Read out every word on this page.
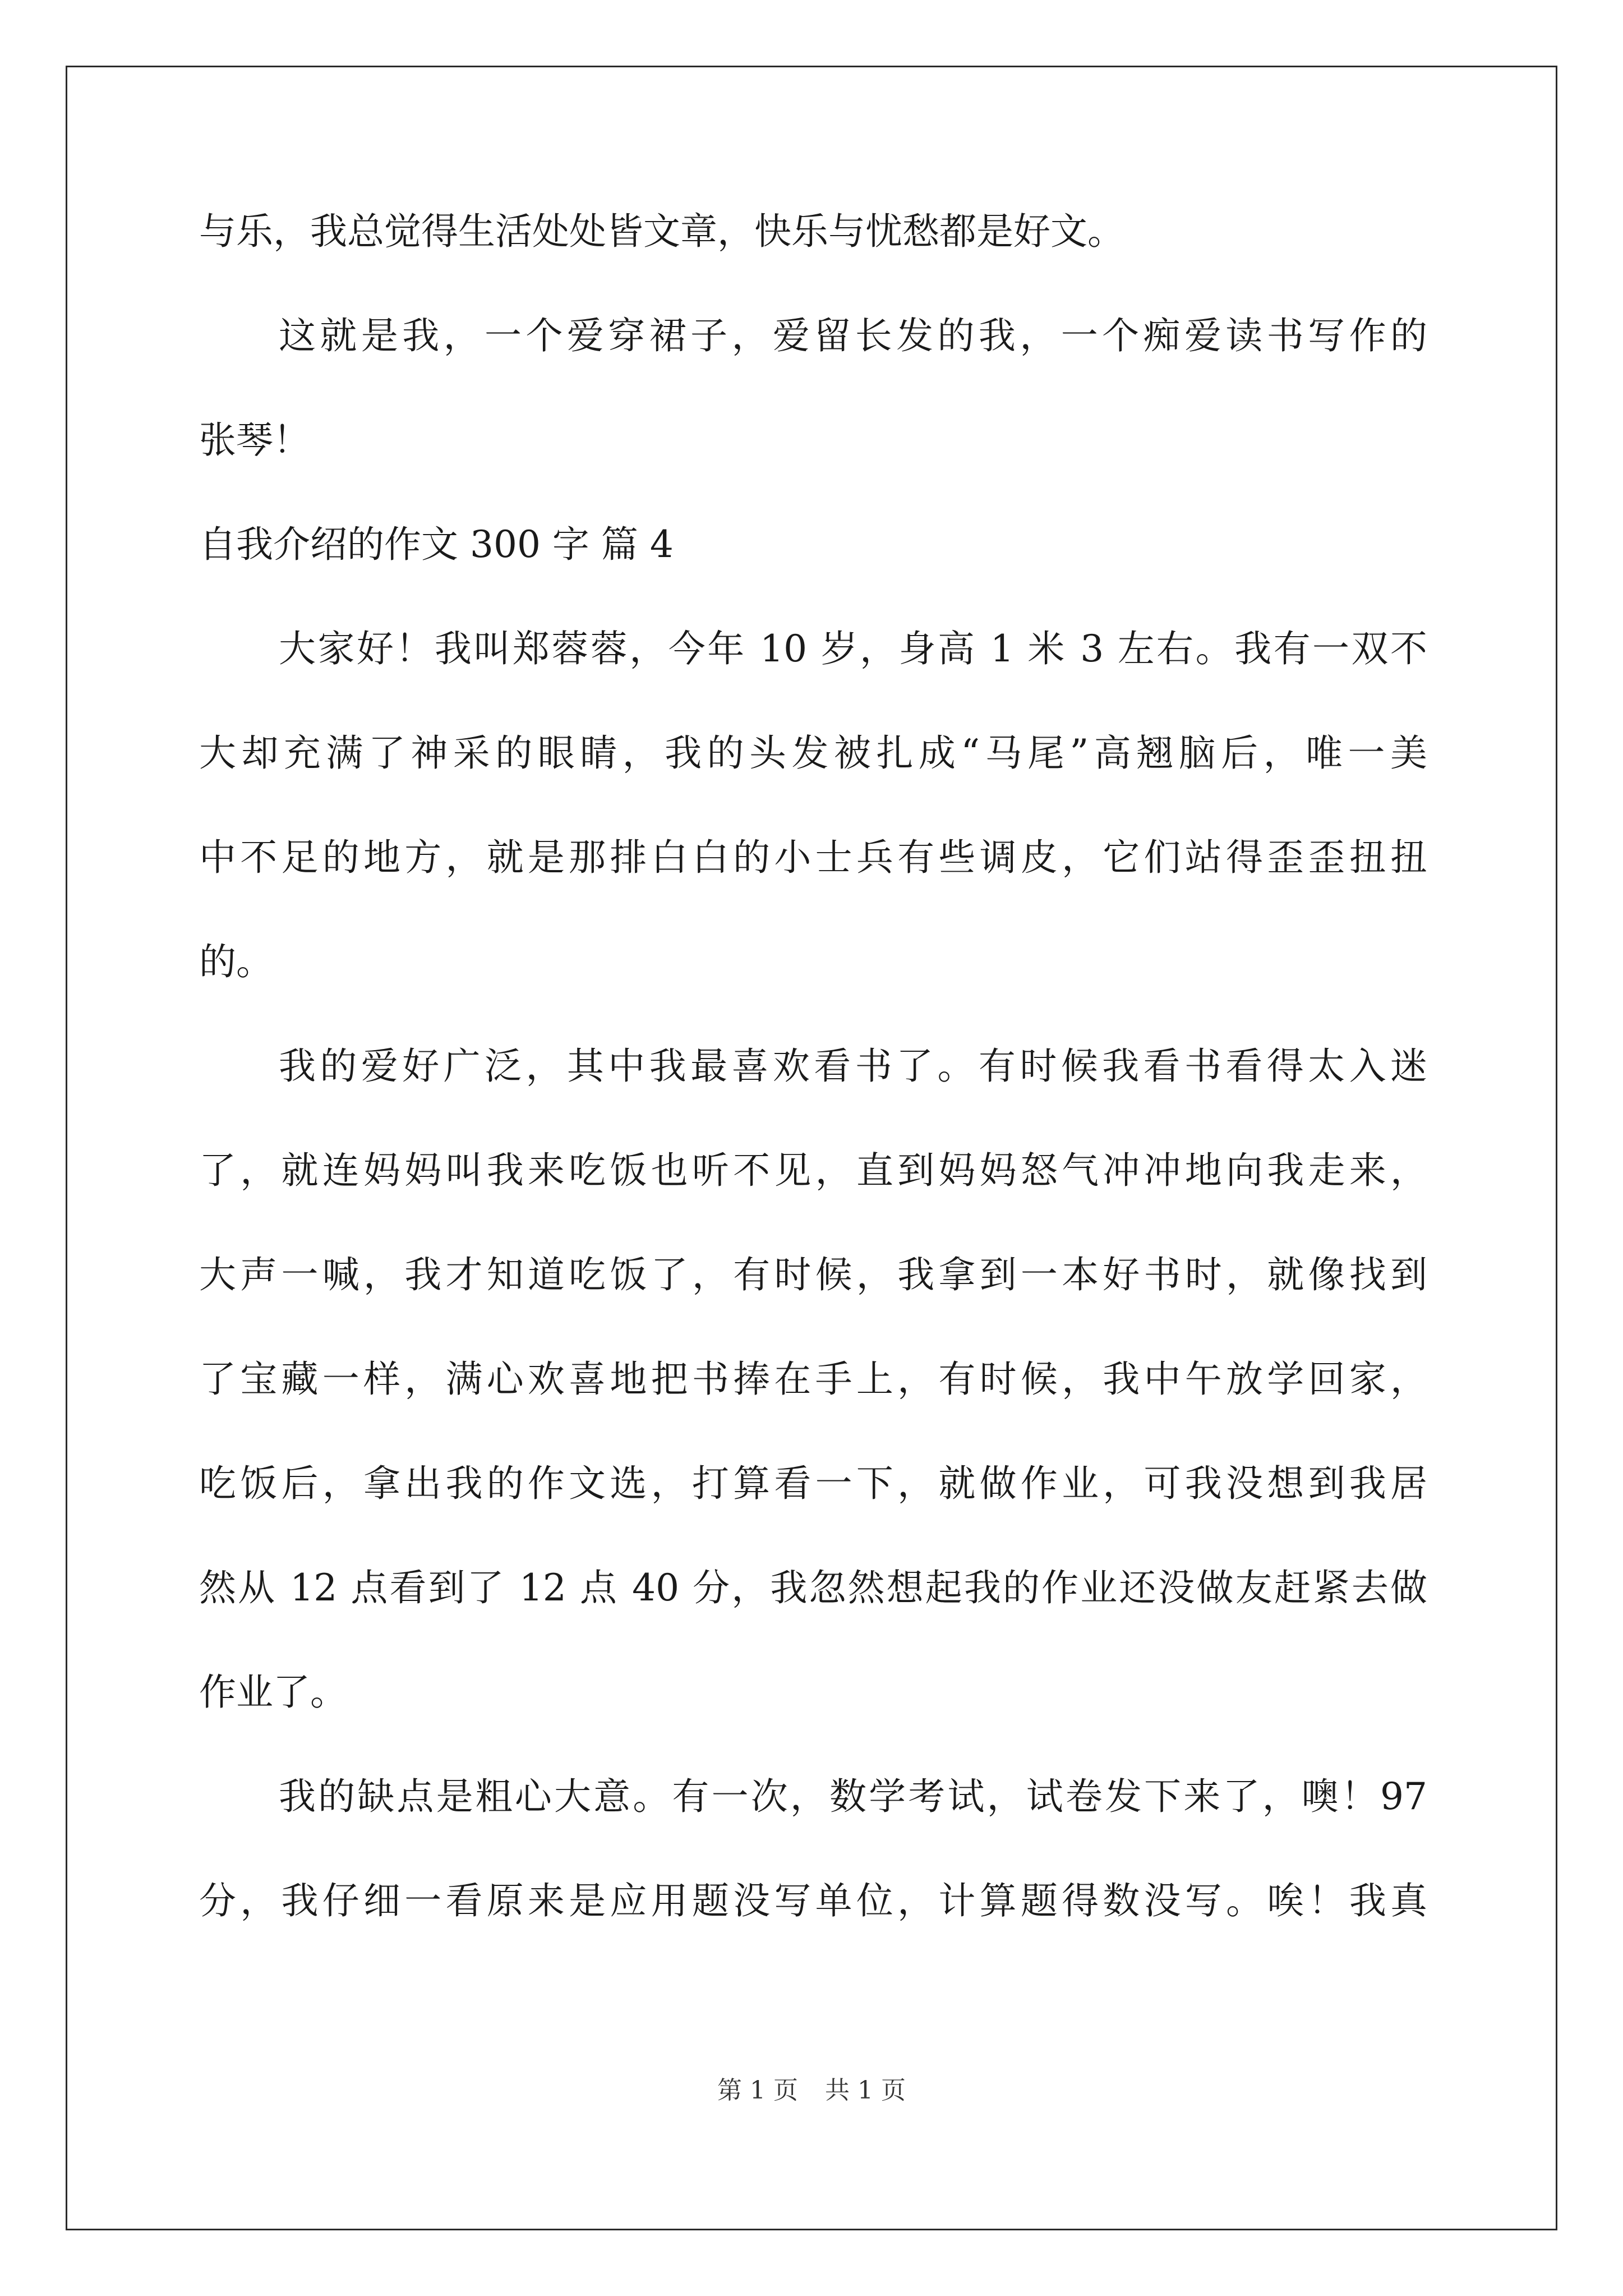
与乐，我总觉得生活处处皆文章，快乐与忧愁都是好文。
这就是我，一个爱穿裙子，爱留长发的我，一个痴爱读书写作的
张琴！
自我介绍的作文 300 字 篇 4
大家好！我叫郑蓉蓉，今年 10 岁，身高 1 米 3 左右。我有一双不
大却充满了神采的眼睛，我的头发被扎成“马尾”高翘脑后，唯一美
中不足的地方，就是那排白白的小士兵有些调皮，它们站得歪歪扭扭
的。
我的爱好广泛，其中我最喜欢看书了。有时候我看书看得太入迷
了，就连妈妈叫我来吃饭也听不见，直到妈妈怒气冲冲地向我走来，
大声一喊，我才知道吃饭了，有时候，我拿到一本好书时，就像找到
了宝藏一样，满心欢喜地把书捧在手上，有时候，我中午放学回家，
吃饭后，拿出我的作文选，打算看一下，就做作业，可我没想到我居
然从 12 点看到了 12 点 40 分，我忽然想起我的作业还没做友赶紧去做
作业了。
我的缺点是粗心大意。有一次，数学考试，试卷发下来了，噢！97
分，我仔细一看原来是应用题没写单位，计算题得数没写。唉！我真
第 1 页 共 1 页
